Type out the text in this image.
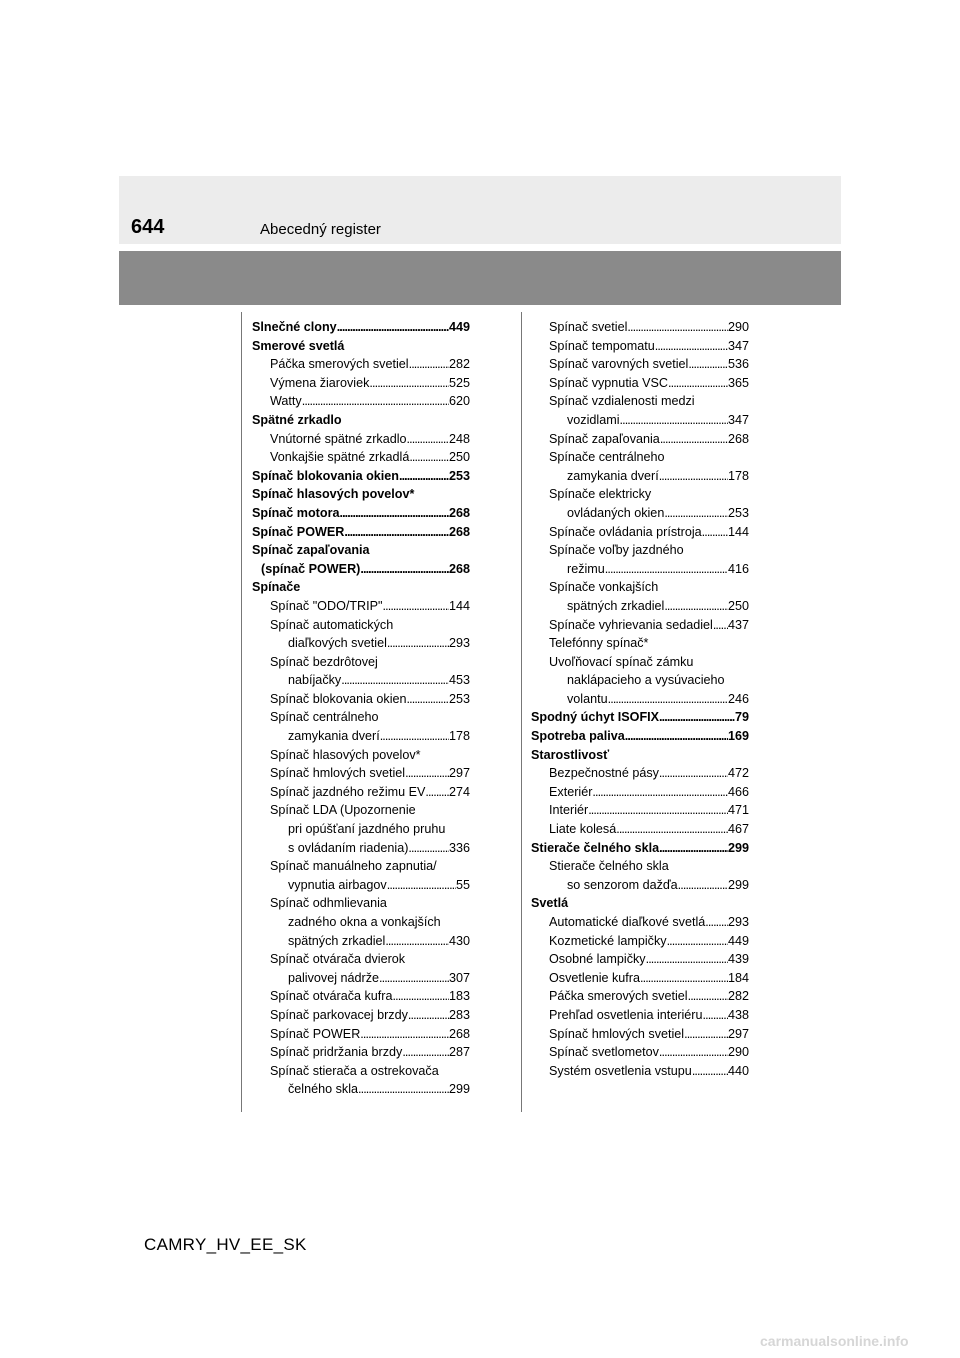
644	Abecedný register
Slnečné clony . . .	449
Smerové svetlá
Páčka smerových svetiel . . .	282
Výmena žiaroviek . . .	525
Watty . . .	620
Spätné zrkadlo
Vnútorné spätné zrkadlo . . .	248
Vonkajšie spätné zrkadlá . . .	250
Spínač blokovania okien . . .	253
Spínač hlasových povelov*
Spínač motora . . .	268
Spínač POWER . . .	268
Spínač zapaľovania
(spínač POWER) . . .	268
Spínače
Spínač "ODO/TRIP" . . .	144
Spínač automatických
diaľkových svetiel . . .	293
Spínač bezdrôtovej
nabíjačky . . .	453
Spínač blokovania okien . . .	253
Spínač centrálneho
zamykania dverí . . .	178
Spínač hlasových povelov*
Spínač hmlových svetiel . . .	297
Spínač jazdného režimu EV . . . 274
Spínač LDA (Upozornenie
pri opúšťaní jazdného pruhu
s ovládaním riadenia) . . .	336
Spínač manuálneho zapnutia/
vypnutia airbagov . . .	55
Spínač odhmlievania
zadného okna a vonkajších
spätných zrkadiel . . .	430
Spínač otvárača dvierok
palivovej nádrže . . .	307
Spínač otvárača kufra . . .	183
Spínač parkovacej brzdy . . .	283
Spínač POWER . . .	268
Spínač pridržania brzdy . . .	287
Spínač stierača a ostrekovača
čelného skla . . .	299
Spínač svetiel . . .	290
Spínač tempomatu . . .	347
Spínač varovných svetiel . . .	536
Spínač vypnutia VSC . . .	365
Spínač vzdialenosti medzi
vozidlami . . .	347
Spínač zapaľovania . . .	268
Spínače centrálneho
zamykania dverí . . .	178
Spínače elektricky
ovládaných okien . . .	253
Spínače ovládania prístroja . . . 144
Spínače voľby jazdného
režimu . . .	416
Spínače vonkajších
spätných zrkadiel . . .	250
Spínače vyhrievania sedadiel . . . 437
Telefónny spínač*
Uvoľňovací spínač zámku
naklápacieho a vysúvacieho
volantu . . .	246
Spodný úchyt ISOFIX . . .	79
Spotreba paliva . . .	169
Starostlivosť
Bezpečnostné pásy . . .	472
Exteriér . . .	466
Interiér . . .	471
Liate kolesá . . .	467
Stierače čelného skla . . .	299
Stierače čelného skla
so senzorom dažďa . . .	299
Svetlá
Automatické diaľkové svetlá . . . 293
Kozmetické lampičky . . .	449
Osobné lampičky . . .	439
Osvetlenie kufra . . .	184
Páčka smerových svetiel . . .	282
Prehľad osvetlenia interiéru . . . 438
Spínač hmlových svetiel . . .	297
Spínač svetlometov . . .	290
Systém osvetlenia vstupu . . .	440
CAMRY_HV_EE_SK
carmanualsonline.info
